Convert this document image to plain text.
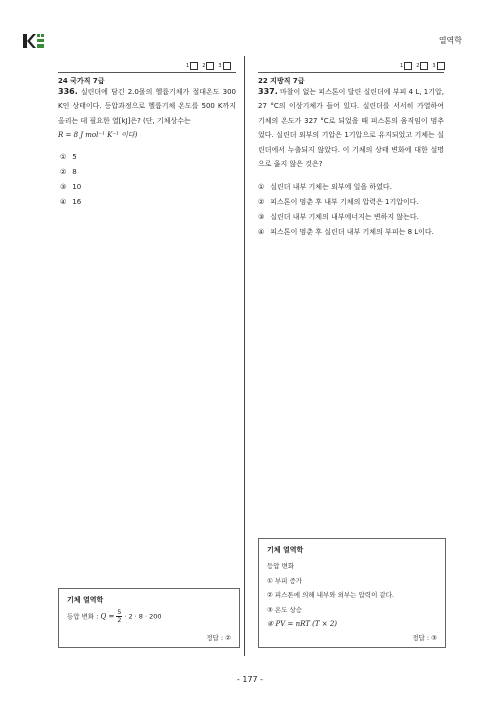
열역학
1	2	3	1	2	3
24 국가직 7급
336. 실린더에 담긴 2.0몰의 헬륨기체가 절대온도 300 K인 상태이다. 등압과정으로 헬륨기체 온도를 500 K까지 올리는 데 필요한 열[kJ]은? (단, 기체상수는
R = 8 J mol⁻¹ K⁻¹ 이다)
① 5
② 8
③ 10
④ 16
22 지방직 7급
337. 마찰이 없는 피스톤이 달린 실린더에 부피 4 L, 1기압, 27 °C의 이상기체가 들어 있다. 실린더를 서서히 가열하여 기체의 온도가 327 °C로 되었을 때 피스톤의 움직임이 멈추었다. 실린더 외부의 기압은 1기압으로 유지되었고 기체는 실린더에서 누출되지 않았다. 이 기체의 상태 변화에 대한 설명으로 옳지 않은 것은?
① 실린더 내부 기체는 외부에 일을 하였다.
② 피스톤이 멈춘 후 내부 기체의 압력은 1기압이다.
③ 실린더 내부 기체의 내부에너지는 변하지 않는다.
④ 피스톤이 멈춘 후 실린더 내부 기체의 부피는 8 L이다.
기체 열역학
등압 변화
① 부피 증가
② 피스톤에 의해 내부와 외부는 압력이 같다.
③ 온도 상승
④ PV = nRT (T × 2)
정답 : ③
기체 열역학
등압 변화 : $Q = \frac{5}{2} \cdot 2 \cdot 8 \cdot 200$
정답 : ②
- 177 -
